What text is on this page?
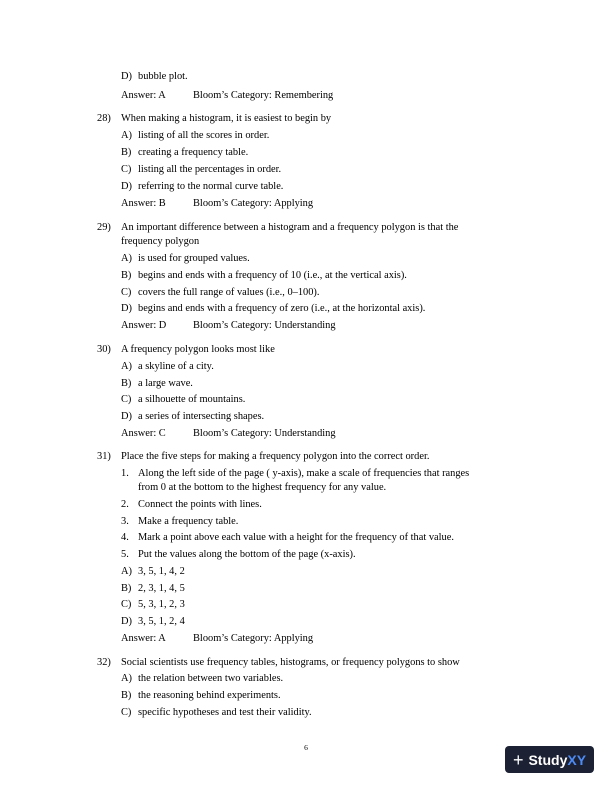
D) bubble plot.
Answer: A	Bloom’s Category: Remembering
28) When making a histogram, it is easiest to begin by
A) listing of all the scores in order.
B) creating a frequency table.
C) listing all the percentages in order.
D) referring to the normal curve table.
Answer: B	Bloom’s Category: Applying
29) An important difference between a histogram and a frequency polygon is that the
frequency polygon
A) is used for grouped values.
B) begins and ends with a frequency of 10 (i.e., at the vertical axis).
C) covers the full range of values (i.e., 0–100).
D) begins and ends with a frequency of zero (i.e., at the horizontal axis).
Answer: D	Bloom’s Category: Understanding
30) A frequency polygon looks most like
A) a skyline of a city.
B) a large wave.
C) a silhouette of mountains.
D) a series of intersecting shapes.
Answer: C	Bloom’s Category: Understanding
31) Place the five steps for making a frequency polygon into the correct order.
1. Along the left side of the page ( y-axis), make a scale of frequencies that ranges
from 0 at the bottom to the highest frequency for any value.
2. Connect the points with lines.
3. Make a frequency table.
4. Mark a point above each value with a height for the frequency of that value.
5. Put the values along the bottom of the page (x-axis).
A) 3, 5, 1, 4, 2
B) 2, 3, 1, 4, 5
C) 5, 3, 1, 2, 3
D) 3, 5, 1, 2, 4
Answer: A	Bloom’s Category: Applying
32) Social scientists use frequency tables, histograms, or frequency polygons to show
A) the relation between two variables.
B) the reasoning behind experiments.
C) specific hypotheses and test their validity.
6
+ Study XY
